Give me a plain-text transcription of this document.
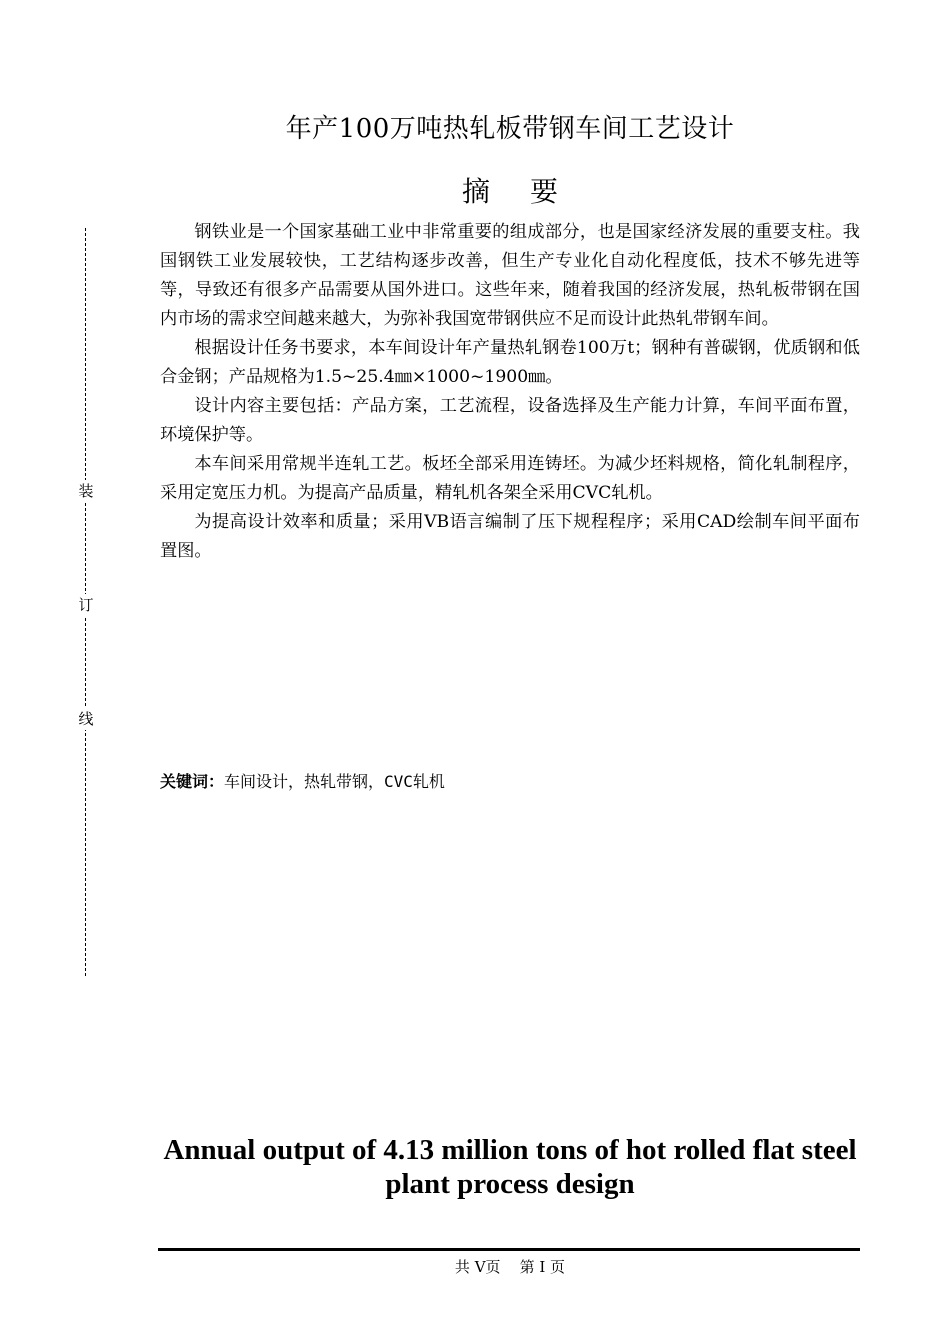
装
订
线
年产100万吨热轧板带钢车间工艺设计
摘 要

钢铁业是一个国家基础工业中非常重要的组成部分，也是国家经济发展的重要支柱。我国钢铁工业发展较快，工艺结构逐步改善，但生产专业化自动化程度低，技术不够先进等等，导致还有很多产品需要从国外进口。这些年来，随着我国的经济发展，热轧板带钢在国内市场的需求空间越来越大，为弥补我国宽带钢供应不足而设计此热轧带钢车间。

根据设计任务书要求，本车间设计年产量热轧钢卷100万t；钢种有普碳钢，优质钢和低合金钢；产品规格为1.5~25.4㎜×1000~1900㎜。

设计内容主要包括：产品方案，工艺流程，设备选择及生产能力计算，车间平面布置，环境保护等。

本车间采用常规半连轧工艺。板坯全部采用连铸坯。为减少坯料规格，简化轧制程序，采用定宽压力机。为提高产品质量，精轧机各架全采用CVC轧机。

为提高设计效率和质量；采用VB语言编制了压下规程程序；采用CAD绘制车间平面布置图。

关键词：车间设计，热轧带钢，CVC轧机
Annual output of 4.13 million tons of hot rolled flat steel plant process design
共 V页    第 I 页
